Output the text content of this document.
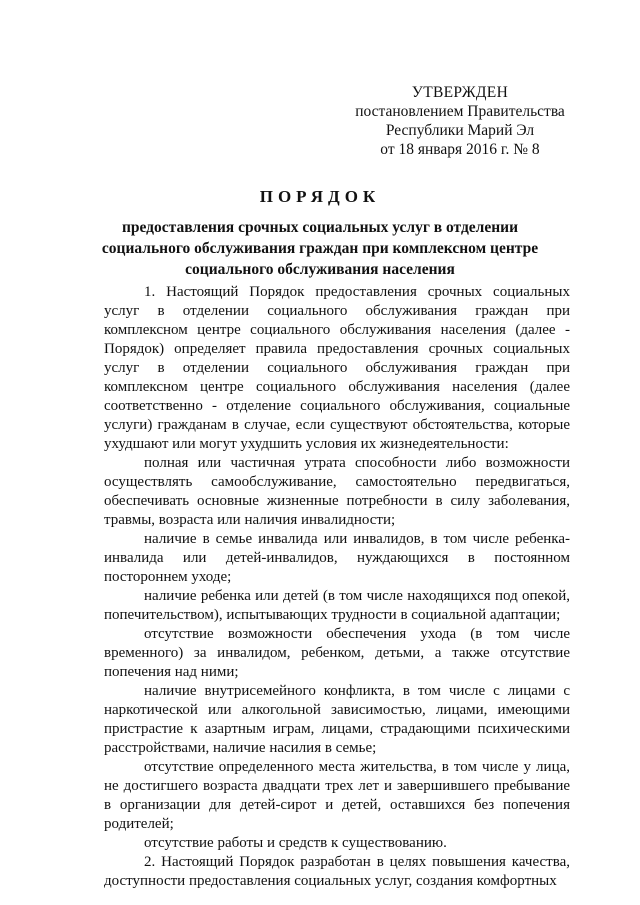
УТВЕРЖДЕН
постановлением Правительства
Республики Марий Эл
от 18 января 2016 г. № 8
ПОРЯДОК
предоставления срочных социальных услуг в отделении социального обслуживания граждан при комплексном центре социального обслуживания населения

1. Настоящий Порядок предоставления срочных социальных услуг в отделении социального обслуживания граждан при комплексном центре социального обслуживания населения (далее - Порядок) определяет правила предоставления срочных социальных услуг в отделении социального обслуживания граждан при комплексном центре социального обслуживания населения (далее соответственно - отделение социального обслуживания, социальные услуги) гражданам в случае, если существуют обстоятельства, которые ухудшают или могут ухудшить условия их жизнедеятельности:

полная или частичная утрата способности либо возможности осуществлять самообслуживание, самостоятельно передвигаться, обеспечивать основные жизненные потребности в силу заболевания, травмы, возраста или наличия инвалидности;

наличие в семье инвалида или инвалидов, в том числе ребенка-инвалида или детей-инвалидов, нуждающихся в постоянном постороннем уходе;

наличие ребенка или детей (в том числе находящихся под опекой, попечительством), испытывающих трудности в социальной адаптации;

отсутствие возможности обеспечения ухода (в том числе временного) за инвалидом, ребенком, детьми, а также отсутствие попечения над ними;

наличие внутрисемейного конфликта, в том числе с лицами с наркотической или алкогольной зависимостью, лицами, имеющими пристрастие к азартным играм, лицами, страдающими психическими расстройствами, наличие насилия в семье;

отсутствие определенного места жительства, в том числе у лица, не достигшего возраста двадцати трех лет и завершившего пребывание в организации для детей-сирот и детей, оставшихся без попечения родителей;

отсутствие работы и средств к существованию.

2. Настоящий Порядок разработан в целях повышения качества, доступности предоставления социальных услуг, создания комфортных
